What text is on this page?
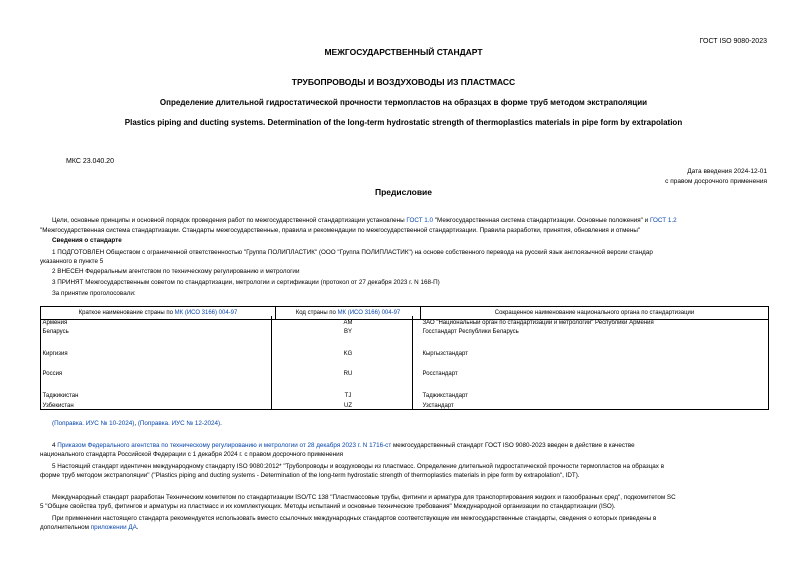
ГОСТ ISO 9080-2023
МЕЖГОСУДАРСТВЕННЫЙ СТАНДАРТ
ТРУБОПРОВОДЫ И ВОЗДУХОВОДЫ ИЗ ПЛАСТМАСС
Определение длительной гидростатической прочности термопластов на образцах в форме труб методом экстраполяции
Plastics piping and ducting systems. Determination of the long-term hydrostatic strength of thermoplastics materials in pipe form by extrapolation
МКС 23.040.20
Дата введения 2024-12-01
с правом досрочного применения
Предисловие
Цели, основные принципы и основной порядок проведения работ по межгосударственной стандартизации установлены ГОСТ 1.0 "Межгосударственная система стандартизации. Основные положения" и ГОСТ 1.2
"Межгосударственная система стандартизации. Стандарты межгосударственные, правила и рекомендации по межгосударственной стандартизации. Правила разработки, принятия, обновления и отмены"
Сведения о стандарте
1 ПОДГОТОВЛЕН Обществом с ограниченной ответственностью "Группа ПОЛИПЛАСТИК" (ООО "Группа ПОЛИПЛАСТИК") на основе собственного перевода на русский язык англоязычной версии стандар
указанного в пункте 5
2 ВНЕСЕН Федеральным агентством по техническому регулированию и метрологии
3 ПРИНЯТ Межгосударственным советом по стандартизации, метрологии и сертификации (протокол от 27 декабря 2023 г. N 168-П)
За принятие проголосовали:
Краткое наименование страны по МК (ИСО 3166) 004-97	Код страны по МК (ИСО 3166) 004-97	Сокращенное наименование национального органа по стандартизации
Армения	AM	ЗАО "Национальный орган по стандартизации и метрологии" Республики Армения
Беларусь	BY	Госстандарт Республики Беларусь
Киргизия	KG	Кыргызстандарт
Россия	RU	Росстандарт
Таджикистан	TJ	Таджикстандарт
Узбекистан	UZ	Узстандарт
(Поправка. ИУС № 10-2024), (Поправка. ИУС № 12-2024).
4 Приказом Федерального агентства по техническому регулированию и метрологии от 28 декабря 2023 г. N 1716-ст межгосударственный стандарт ГОСТ ISO 9080-2023 введен в действие в качестве
национального стандарта Российской Федерации с 1 декабря 2024 г. с правом досрочного применения
5 Настоящий стандарт идентичен международному стандарту ISO 9080:2012* "Трубопроводы и воздуховоды из пластмасс. Определение длительной гидростатической прочности термопластов на образцах в
форме труб методом экстраполяции" ("Plastics piping and ducting systems - Determination of the long-term hydrostatic strength of thermoplastics materials in pipe form by extrapolation", IDT).
Международный стандарт разработан Техническим комитетом по стандартизации ISO/TC 138 "Пластмассовые трубы, фитинги и арматура для транспортирования жидких и газообразных сред", подкомитетом SC
5 "Общие свойства труб, фитингов и арматуры из пластмасс и их комплектующих. Методы испытаний и основные технические требования" Международной организации по стандартизации (ISO).
При применении настоящего стандарта рекомендуется использовать вместо ссылочных международных стандартов соответствующие им межгосударственные стандарты, сведения о которых приведены в
дополнительном приложении ДА.
